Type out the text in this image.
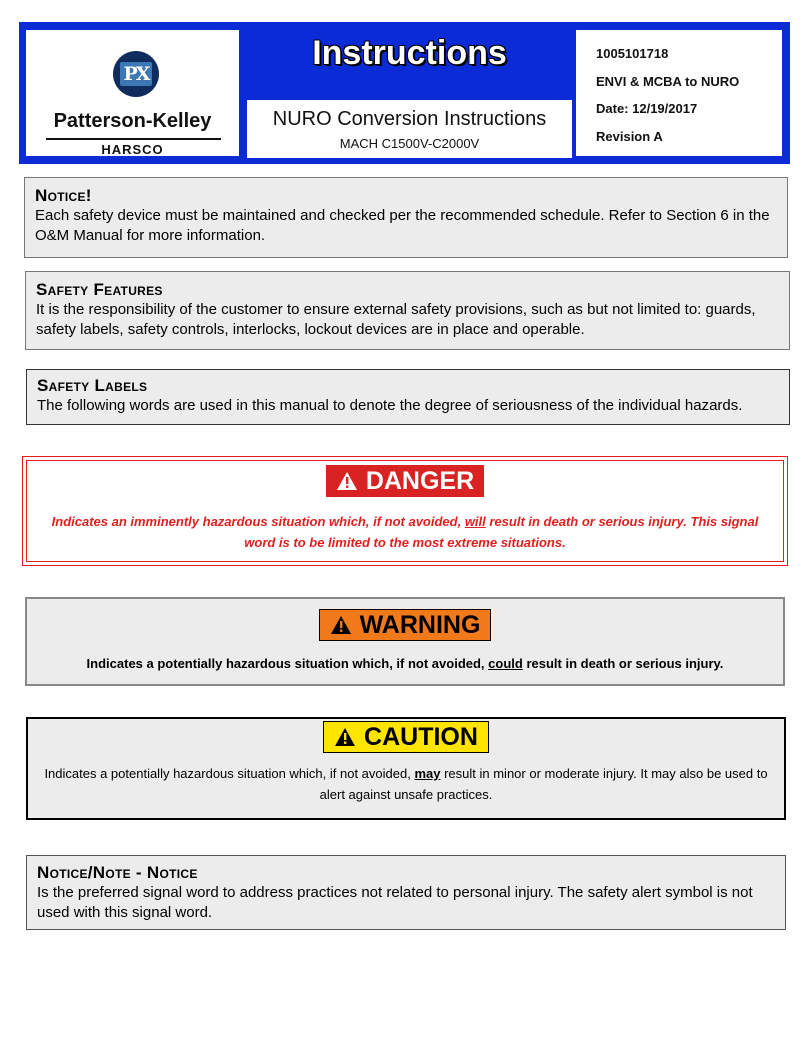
PX
Patterson-Kelley
HARSCO
Instructions
NURO Conversion Instructions
MACH C1500V-C2000V
1005101718
ENVI & MCBA to NURO
Date: 12/19/2017
Revision A
Notice!
Each safety device must be maintained and checked per the recommended schedule. Refer to Section 6 in the O&M Manual for more information.
Safety Features
It is the responsibility of the customer to ensure external safety provisions, such as but not limited to: guards, safety labels, safety controls, interlocks, lockout devices are in place and operable.
Safety Labels
The following words are used in this manual to denote the degree of seriousness of the individual hazards.
DANGER
Indicates an imminently hazardous situation which, if not avoided, will result in death or serious injury. This signal word is to be limited to the most extreme situations.
WARNING
Indicates a potentially hazardous situation which, if not avoided, could result in death or serious injury.
CAUTION
Indicates a potentially hazardous situation which, if not avoided, may result in minor or moderate injury. It may also be used to alert against unsafe practices.
Notice/Note - Notice
Is the preferred signal word to address practices not related to personal injury. The safety alert symbol is not used with this signal word.
